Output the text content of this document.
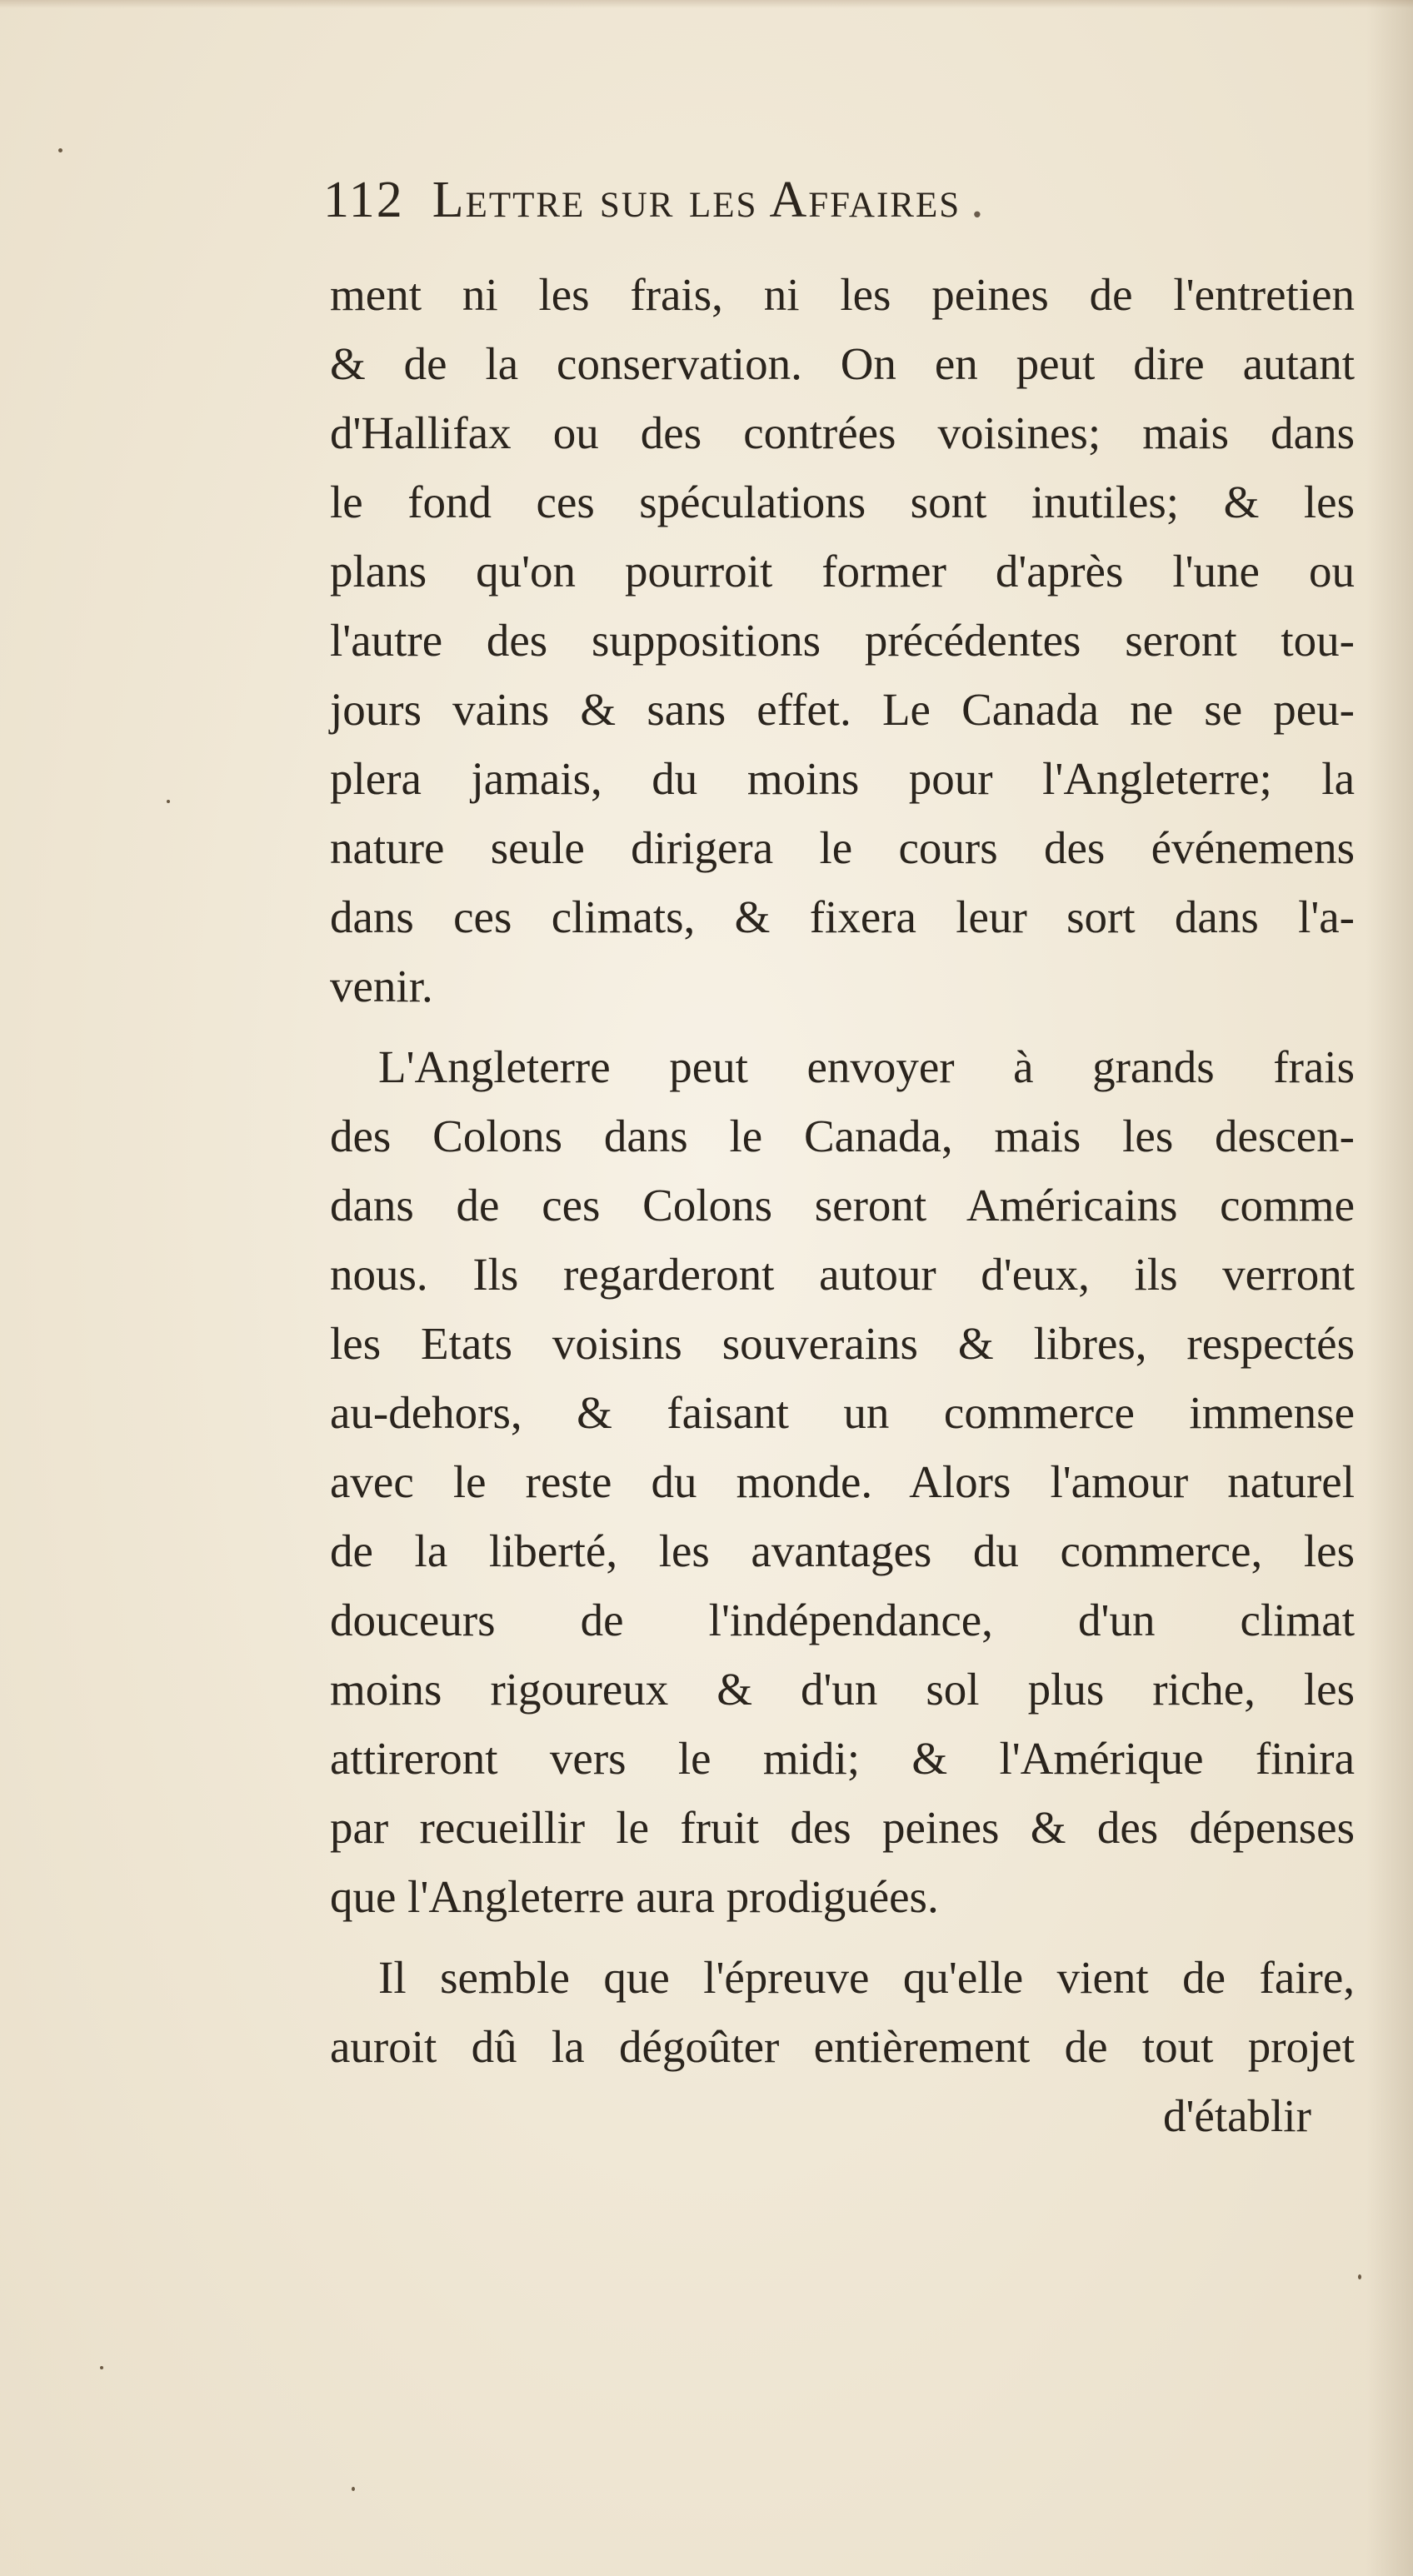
112 Lettre sur les Affaires .
ment ni les frais, ni les peines de l'entretien
& de la conservation. On en peut dire autant
d'Hallifax ou des contrées voisines; mais dans
le fond ces spéculations sont inutiles; & les
plans qu'on pourroit former d'après l'une ou
l'autre des suppositions précédentes seront tou-
jours vains & sans effet. Le Canada ne se peu-
plera jamais, du moins pour l'Angleterre; la
nature seule dirigera le cours des événemens
dans ces climats, & fixera leur sort dans l'a-
venir.
L'Angleterre peut envoyer à grands frais
des Colons dans le Canada, mais les descen-
dans de ces Colons seront Américains comme
nous. Ils regarderont autour d'eux, ils verront
les Etats voisins souverains & libres, respectés
au-dehors, & faisant un commerce immense
avec le reste du monde. Alors l'amour naturel
de la liberté, les avantages du commerce, les
douceurs de l'indépendance, d'un climat
moins rigoureux & d'un sol plus riche, les
attireront vers le midi; & l'Amérique finira
par recueillir le fruit des peines & des dépenses
que l'Angleterre aura prodiguées.
Il semble que l'épreuve qu'elle vient de faire,
auroit dû la dégoûter entièrement de tout projet
d'établir
